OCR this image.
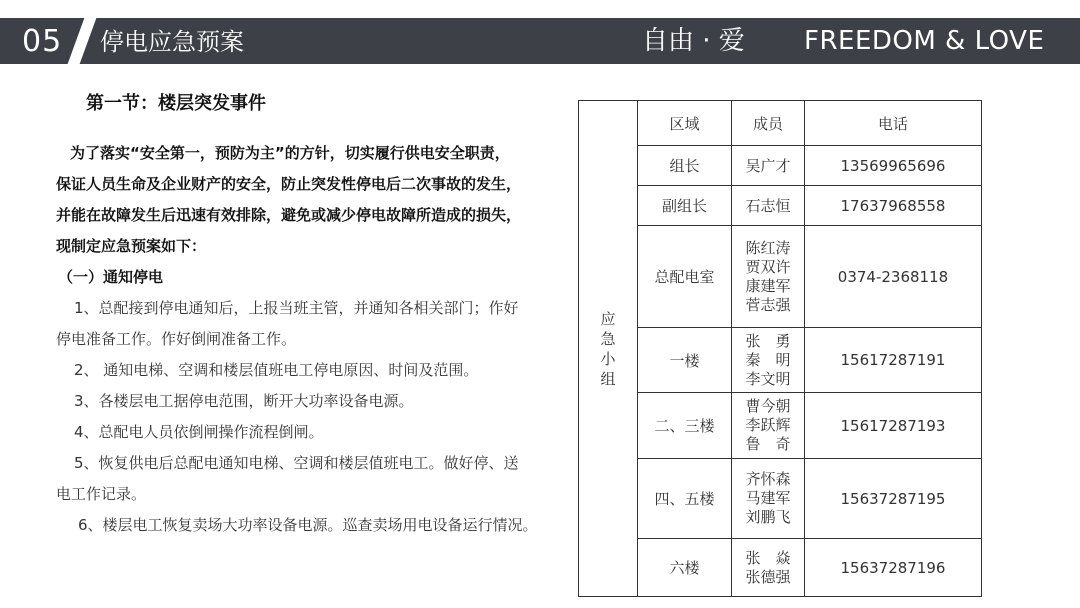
05 停电应急预案	自由 · 爱 FREEDOM & LOVE
第一节：楼层突发事件
为了落实“安全第一，预防为主”的方针，切实履行供电安全职责，
保证人员生命及企业财产的安全，防止突发性停电后二次事故的发生，
并能在故障发生后迅速有效排除，避免或减少停电故障所造成的损失，
现制定应急预案如下：
（一）通知停电
1、总配接到停电通知后，上报当班主管，并通知各相关部门；作好
停电准备工作。作好倒闸准备工作。
2、 通知电梯、空调和楼层值班电工停电原因、时间及范围。
3、各楼层电工据停电范围，断开大功率设备电源。
4、总配电人员依倒闸操作流程倒闸。
5、恢复供电后总配电通知电梯、空调和楼层值班电工。做好停、送
电工作记录。
6、楼层电工恢复卖场大功率设备电源。巡查卖场用电设备运行情况。
应
急
小
组	区域	成员	电话
	组长	吴广才	13569965696
	副组长	石志恒	17637968558
	总配电室	陈红涛
贾双许
康建军
菅志强	0374-2368118
	一楼	张　勇
秦　明
李文明	15617287191
	二、三楼	曹今朝
李跃辉
鲁　奇	15617287193
	四、五楼	齐怀森
马建军
刘鹏飞	15637287195
	六楼	张　焱
张德强	15637287196
